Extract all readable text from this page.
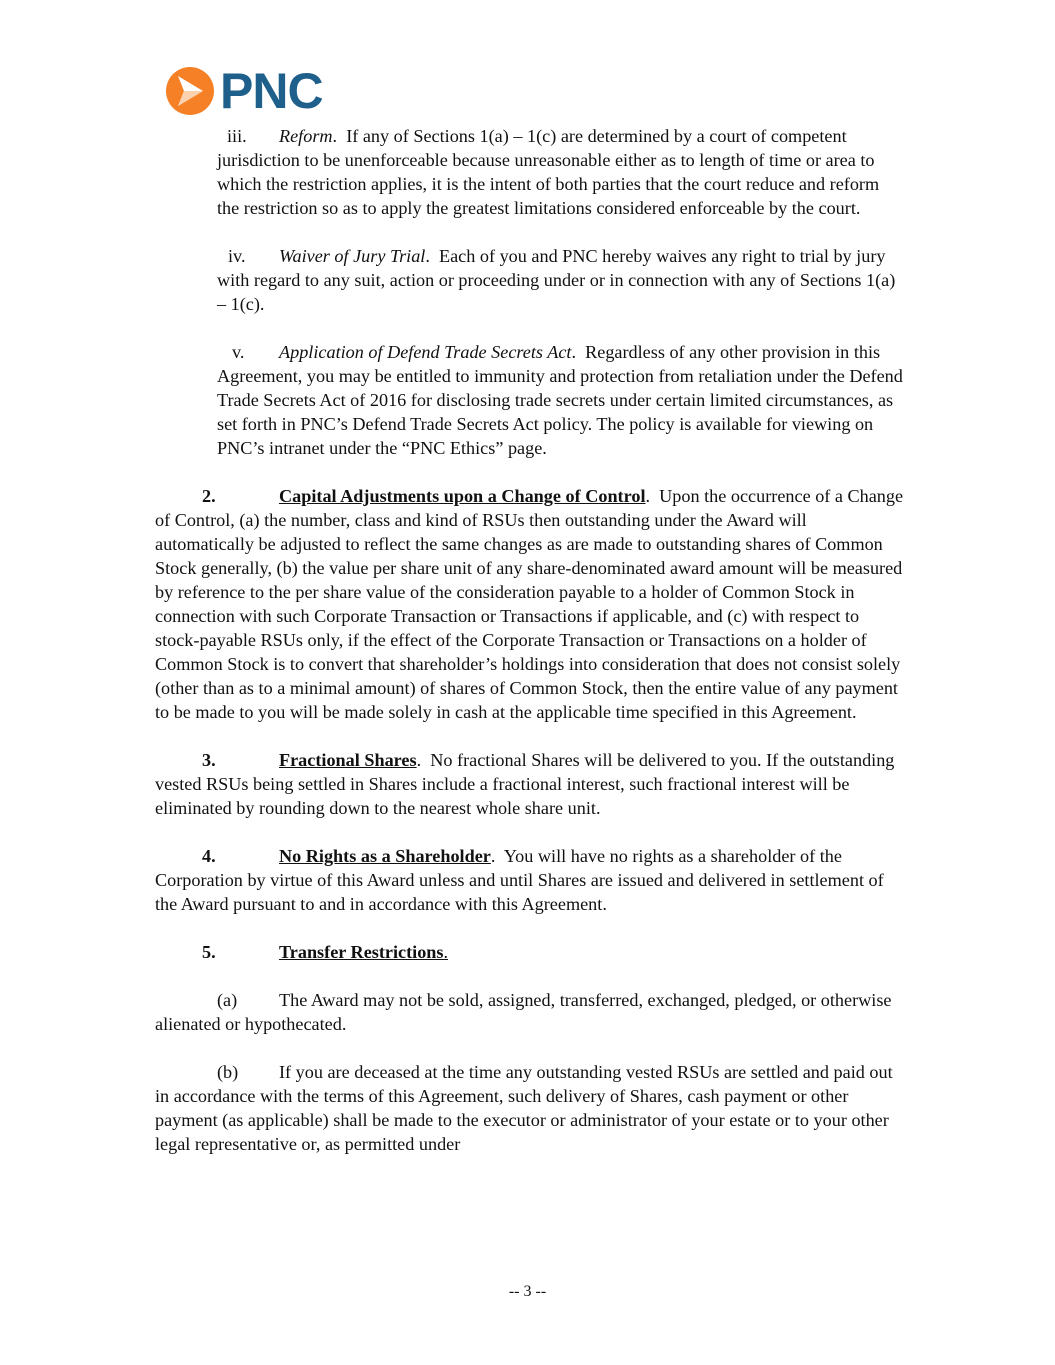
PNC
iii. Reform.  If any of Sections 1(a) – 1(c) are determined by a court of competent jurisdiction to be unenforceable because unreasonable either as to length of time or area to which the restriction applies, it is the intent of both parties that the court reduce and reform the restriction so as to apply the greatest limitations considered enforceable by the court.
iv. Waiver of Jury Trial.  Each of you and PNC hereby waives any right to trial by jury with regard to any suit, action or proceeding under or in connection with any of Sections 1(a) – 1(c).
v. Application of Defend Trade Secrets Act.  Regardless of any other provision in this Agreement, you may be entitled to immunity and protection from retaliation under the Defend Trade Secrets Act of 2016 for disclosing trade secrets under certain limited circumstances, as set forth in PNC’s Defend Trade Secrets Act policy. The policy is available for viewing on PNC’s intranet under the “PNC Ethics” page.
2.	Capital Adjustments upon a Change of Control.  Upon the occurrence of a Change of Control, (a) the number, class and kind of RSUs then outstanding under the Award will automatically be adjusted to reflect the same changes as are made to outstanding shares of Common Stock generally, (b) the value per share unit of any share-denominated award amount will be measured by reference to the per share value of the consideration payable to a holder of Common Stock in connection with such Corporate Transaction or Transactions if applicable, and (c) with respect to stock-payable RSUs only, if the effect of the Corporate Transaction or Transactions on a holder of Common Stock is to convert that shareholder’s holdings into consideration that does not consist solely (other than as to a minimal amount) of shares of Common Stock, then the entire value of any payment to be made to you will be made solely in cash at the applicable time specified in this Agreement.
3.	Fractional Shares.  No fractional Shares will be delivered to you. If the outstanding vested RSUs being settled in Shares include a fractional interest, such fractional interest will be eliminated by rounding down to the nearest whole share unit.
4.	No Rights as a Shareholder.  You will have no rights as a shareholder of the Corporation by virtue of this Award unless and until Shares are issued and delivered in settlement of the Award pursuant to and in accordance with this Agreement.
5.	Transfer Restrictions.
(a) The Award may not be sold, assigned, transferred, exchanged, pledged, or otherwise alienated or hypothecated.
(b) If you are deceased at the time any outstanding vested RSUs are settled and paid out in accordance with the terms of this Agreement, such delivery of Shares, cash payment or other payment (as applicable) shall be made to the executor or administrator of your estate or to your other legal representative or, as permitted under
-- 3 --
